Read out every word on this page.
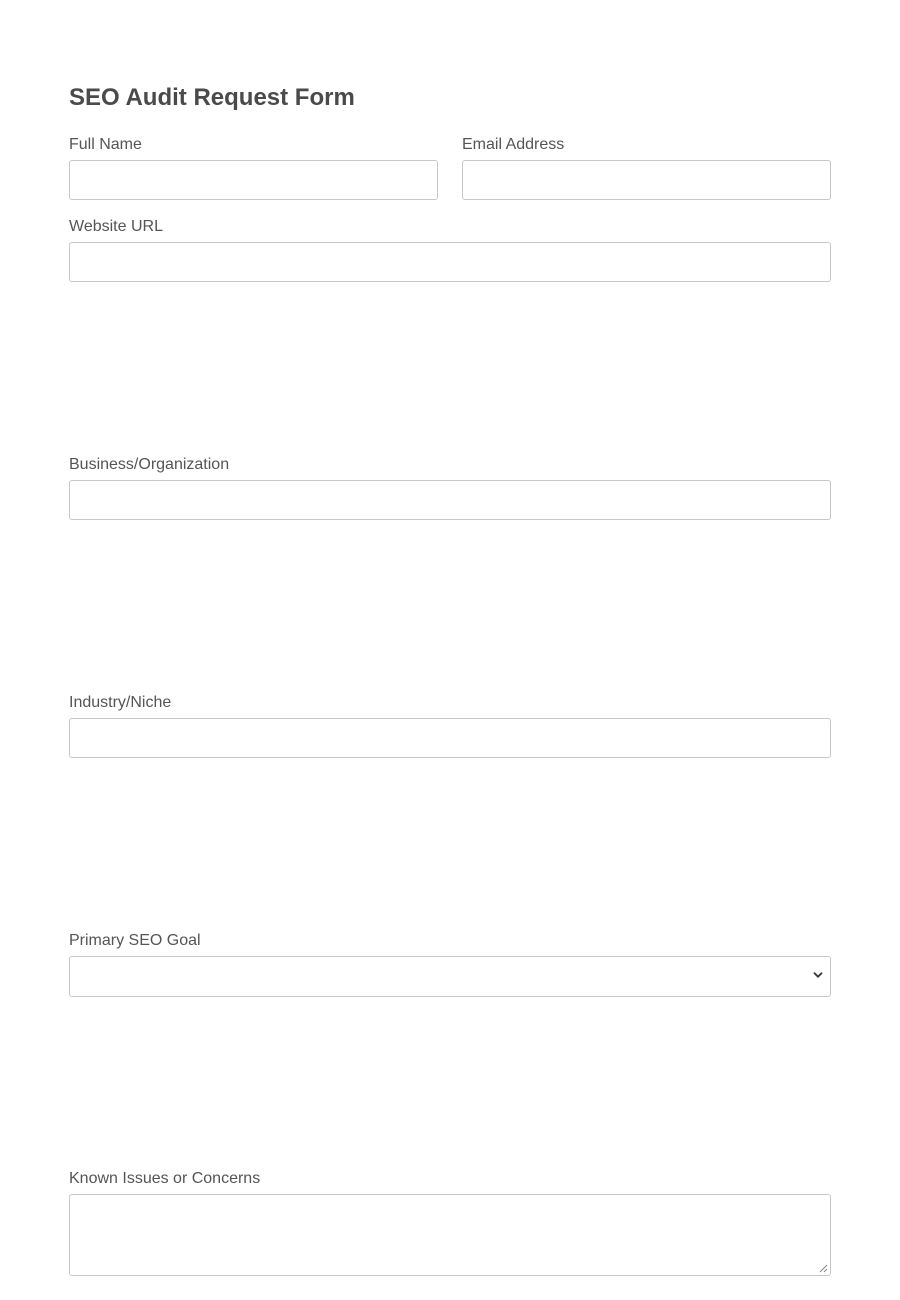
SEO Audit Request Form
Full Name	Email Address
Website URL
Business/Organization
Industry/Niche
Primary SEO Goal
Known Issues or Concerns
